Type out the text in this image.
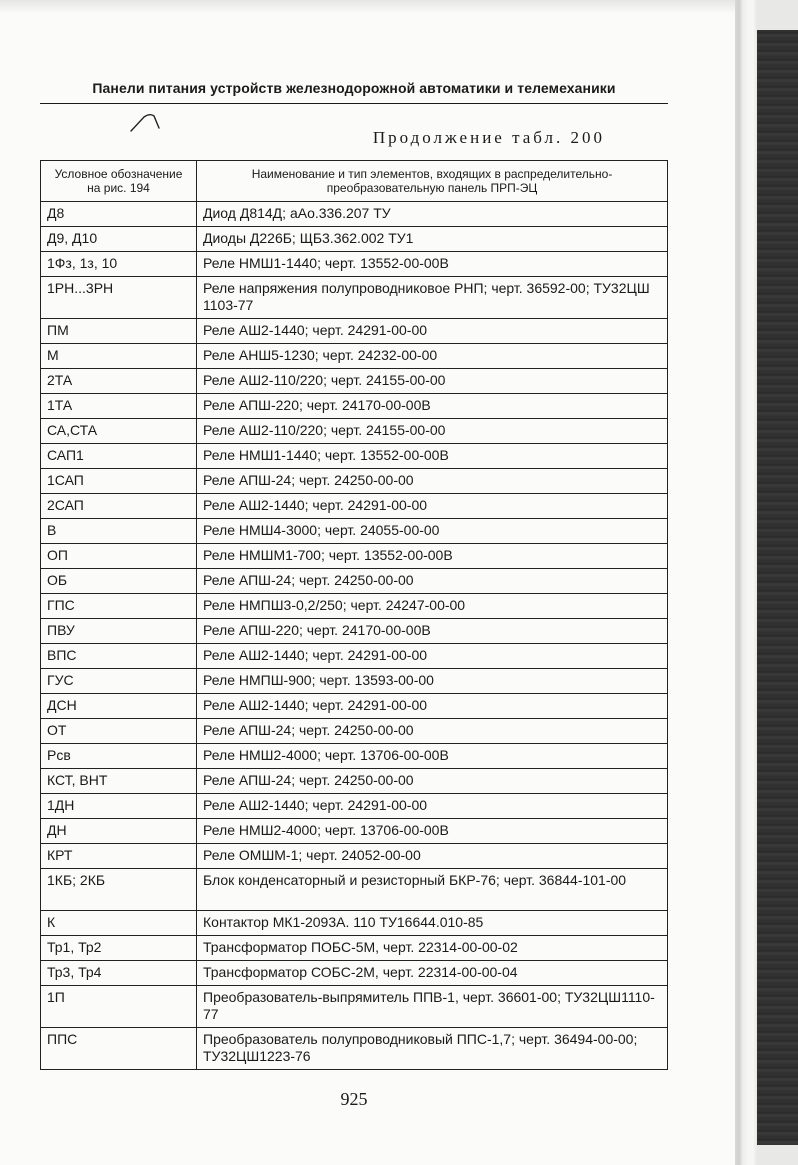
Панели питания устройств железнодорожной автоматики и телемеханики
Продолжение табл. 200
Условное обозначение на рис. 194	Наименование и тип элементов, входящих в распределительно-преобразовательную панель ПРП-ЭЦ
Д8	Диод Д814Д; аАо.336.207 ТУ
Д9, Д10	Диоды Д226Б; ЩБ3.362.002 ТУ1
1Фз, 1з, 10	Реле НМШ1-1440; черт. 13552-00-00В
1РН...3РН	Реле напряжения полупроводниковое РНП; черт. 36592-00; ТУ32ЦШ 1103-77
ПМ	Реле АШ2-1440; черт. 24291-00-00
М	Реле АНШ5-1230; черт. 24232-00-00
2ТА	Реле АШ2-110/220; черт. 24155-00-00
1ТА	Реле АПШ-220; черт. 24170-00-00В
СА,СТА	Реле АШ2-110/220; черт. 24155-00-00
САП1	Реле НМШ1-1440; черт. 13552-00-00В
1САП	Реле АПШ-24; черт. 24250-00-00
2САП	Реле АШ2-1440; черт. 24291-00-00
В	Реле НМШ4-3000; черт. 24055-00-00
ОП	Реле НМШМ1-700; черт. 13552-00-00В
ОБ	Реле АПШ-24; черт. 24250-00-00
ГПС	Реле НМПШ3-0,2/250; черт. 24247-00-00
ПВУ	Реле АПШ-220; черт. 24170-00-00В
ВПС	Реле АШ2-1440; черт. 24291-00-00
ГУС	Реле НМПШ-900; черт. 13593-00-00
ДСН	Реле АШ2-1440; черт. 24291-00-00
ОТ	Реле АПШ-24; черт. 24250-00-00
Рсв	Реле НМШ2-4000; черт. 13706-00-00В
КСТ, ВНТ	Реле АПШ-24; черт. 24250-00-00
1ДН	Реле АШ2-1440; черт. 24291-00-00
ДН	Реле НМШ2-4000; черт. 13706-00-00В
КРТ	Реле ОМШМ-1; черт. 24052-00-00
1КБ; 2КБ	Блок конденсаторный и резисторный БКР-76; черт. 36844-101-00
К	Контактор МК1-2093А. 110 ТУ16644.010-85
Тр1, Тр2	Трансформатор ПОБС-5М, черт. 22314-00-00-02
Тр3, Тр4	Трансформатор СОБС-2М, черт. 22314-00-00-04
1П	Преобразователь-выпрямитель ППВ-1, черт. 36601-00; ТУ32ЦШ1110-77
ППС	Преобразователь полупроводниковый ППС-1,7; черт. 36494-00-00; ТУ32ЦШ1223-76
925
